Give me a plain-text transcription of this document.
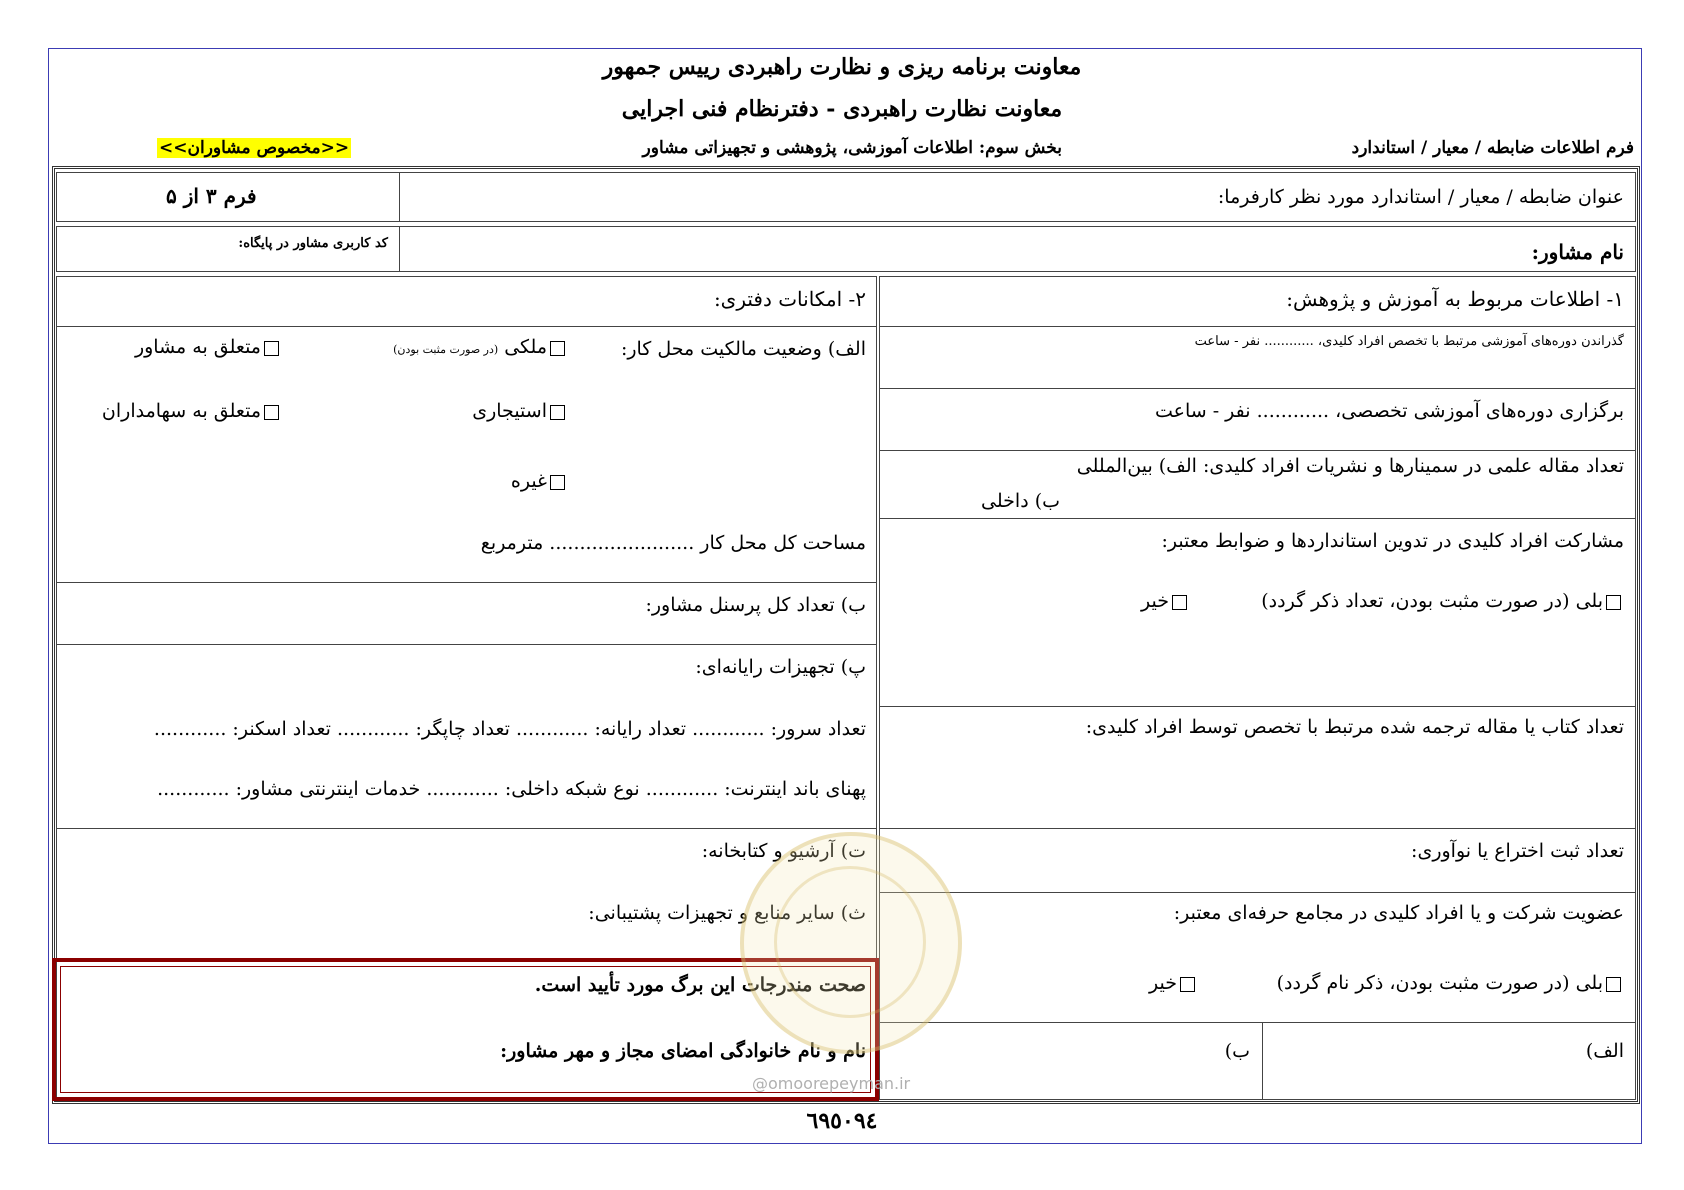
معاونت برنامه ریزی و نظارت راهبردی رییس جمهور
معاونت نظارت راهبردی - دفترنظام فنی اجرایی
فرم اطلاعات ضابطه / معیار / استاندارد
بخش سوم: اطلاعات آموزشی، پژوهشی و تجهیزاتی مشاور
<<مخصوص مشاوران>>
عنوان ضابطه / معیار / استاندارد مورد نظر کارفرما:
فرم ۳ از ۵
نام مشاور:
کد کاربری مشاور در پایگاه:
۱- اطلاعات مربوط به آموزش و پژوهش:
گذراندن دوره‌های آموزشی مرتبط با تخصص افراد کلیدی، ............ نفر - ساعت
برگزاری دوره‌های آموزشی تخصصی، ............ نفر - ساعت
تعداد مقاله علمی در سمینارها و نشریات افراد کلیدی: الف) بین‌المللی
ب) داخلی
مشارکت افراد کلیدی در تدوین استانداردها و ضوابط معتبر:
بلی (در صورت مثبت بودن، تعداد ذکر گردد)
خیر
تعداد کتاب یا مقاله ترجمه شده مرتبط با تخصص توسط افراد کلیدی:
تعداد ثبت اختراع یا نوآوری:
عضویت شرکت و یا افراد کلیدی در مجامع حرفه‌ای معتبر:
بلی (در صورت مثبت بودن، ذکر نام گردد)
خیر
الف)
ب)
۲- امکانات دفتری:
الف) وضعیت مالکیت محل کار:
ملکی (در صورت مثبت بودن)
متعلق به مشاور
استیجاری
متعلق به سهامداران
غیره
مساحت کل محل کار ........................ مترمربع
ب) تعداد کل پرسنل مشاور:
پ) تجهیزات رایانه‌ای:
تعداد سرور: ............ تعداد رایانه: ............ تعداد چاپگر: ............ تعداد اسکنر: ............
پهنای باند اینترنت: ............ نوع شبکه داخلی: ............ خدمات اینترنتی مشاور: ............
ت) آرشیو و کتابخانه:
ث) سایر منابع و تجهیزات پشتیبانی:
صحت مندرجات این برگ مورد تأیید است.
نام و نام خانوادگی امضای مجاز و مهر مشاور:
@omoorepeyman.ir
٦٩٥٠٩٤
